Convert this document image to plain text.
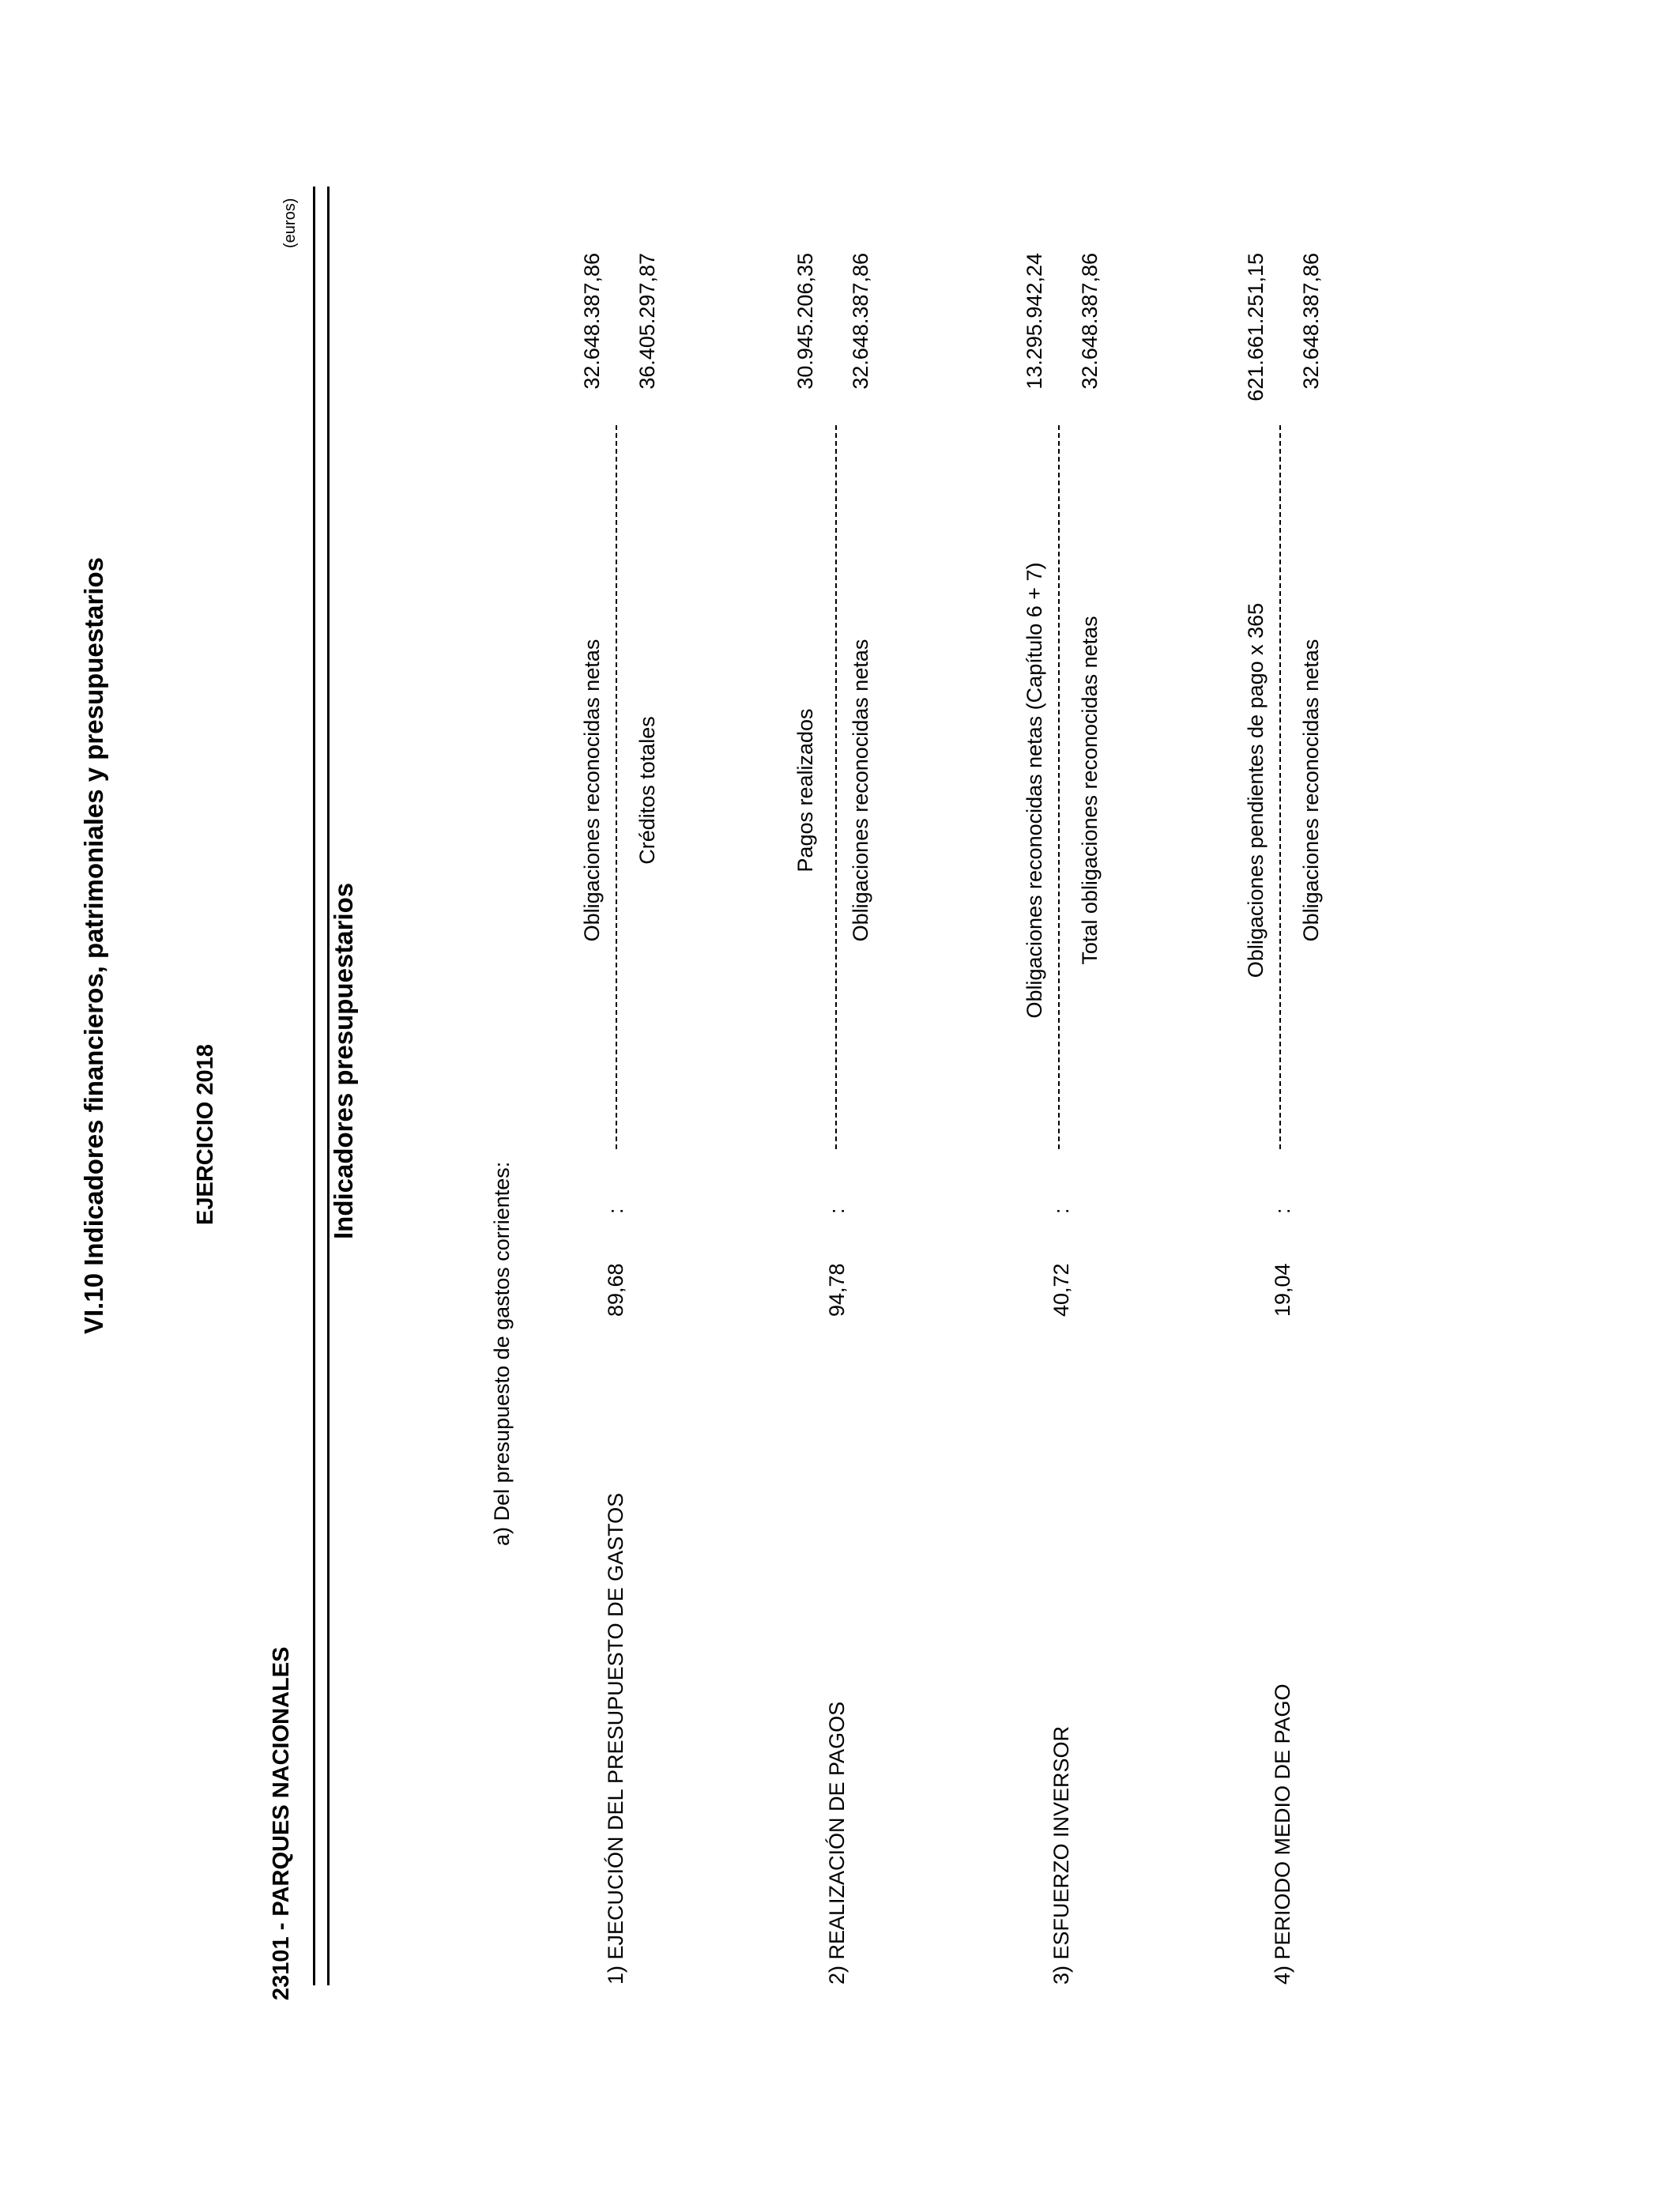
VI.10 Indicadores financieros, patrimoniales y presupuestarios	EJERCICIO 2018
23101 - PARQUES NACIONALES
Indicadores presupuestarios
(euros)
a) Del presupuesto de gastos corrientes:
1) EJECUCIÓN DEL PRESUPUESTO DE GASTOS
89,68
:
Obligaciones reconocidas netas Créditos totales
32.648.387,86 36.405.297,87
2) REALIZACIÓN DE PAGOS
94,78
:
Pagos realizados Obligaciones reconocidas netas
30.945.206,35 32.648.387,86
3) ESFUERZO INVERSOR
40,72
:
Obligaciones reconocidas netas (Capítulo 6 + 7) Total obligaciones reconocidas netas
13.295.942,24 32.648.387,86
4) PERIODO MEDIO DE PAGO
19,04
:
Obligaciones pendientes de pago x 365 Obligaciones reconocidas netas
621.661.251,15 32.648.387,86
